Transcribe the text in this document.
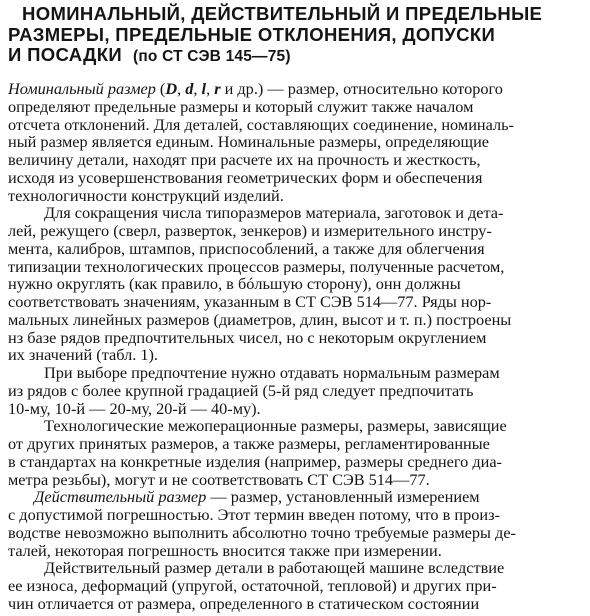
НОМИНАЛЬНЫЙ, ДЕЙСТВИТЕЛЬНЫЙ И ПРЕДЕЛЬНЫЕ
РАЗМЕРЫ, ПРЕДЕЛЬНЫЕ ОТКЛОНЕНИЯ, ДОПУСКИ
И ПОСАДКИ (по СТ СЭВ 145—75)
Номинальный размер (D, d, l, r и др.) — размер, относительно которого
определяют предельные размеры и который служит также началом
отсчета отклонений. Для деталей, составляющих соединение, номиналь-
ный размер является единым. Номинальные размеры, определяющие
величину детали, находят при расчете их на прочность и жесткость,
исходя из усовершенствования геометрических форм и обеспечения
технологичности конструкций изделий.
Для сокращения числа типоразмеров материала, заготовок и дета-
лей, режущего (сверл, разверток, зенкеров) и измерительного инстру-
мента, калибров, штампов, приспособлений, а также для облегчения
типизации технологических процессов размеры, полученные расчетом,
нужно округлять (как правило, в бóльшую сторону), онн должны
соответствовать значениям, указанным в СТ СЭВ 514—77. Ряды нор-
мальных линейных размеров (диаметров, длин, высот и т. п.) построены
нз базе рядов предпочтительных чисел, но с некоторым округлением
их значений (табл. 1).
При выборе предпочтение нужно отдавать нормальным размерам
из рядов с более крупной градацией (5-й ряд следует предпочитать
10-му, 10-й — 20-му, 20-й — 40-му).
Технологические межоперационные размеры, размеры, зависящие
от других принятых размеров, а также размеры, регламентированные
в стандартах на конкретные изделия (например, размеры среднего диа-
метра резьбы), могут и не соответствовать СТ СЭВ 514—77.
Действительный размер — размер, установленный измерением
с допустимой погрешностью. Этот термин введен потому, что в произ-
водстве невозможно выполнить абсолютно точно требуемые размеры де-
талей, некоторая погрешность вносится также при измерении.
Действительный размер детали в работающей машине вследствие
ее износа, деформаций (упругой, остаточной, тепловой) и других при-
чин отличается от размера, определенного в статическом состоянии
